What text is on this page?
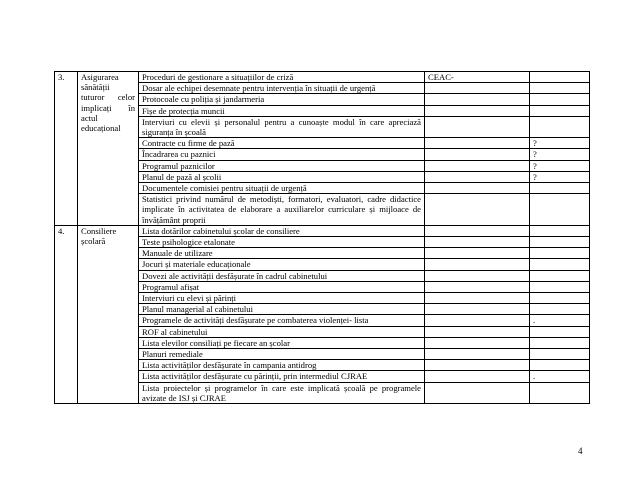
3.	Asigurarea sănătății tuturor celor implicați în actul educațional	Proceduri de gestionare a situațiilor de criză	CEAC-	
		Dosar ale echipei desemnate pentru intervenția în situații de urgență		
		Protocoale cu poliția și jandarmeria		
		Fișe de protecția muncii		
		Interviuri cu elevii și personalul pentru a cunoaște modul în care apreciază siguranța în școală		
		Contracte cu firme de pază		?
		Încadrarea cu paznici		?
		Programul paznicilor		?
		Planul de pază al școlii		?
		Documentele comisiei pentru situații de urgență		
		Statistici privind numărul de metodiști, formatori, evaluatori, cadre didactice implicate în activitatea de elaborare a auxiliarelor curriculare și mijloace de învățământ proprii		
4.	Consiliere școlară	Lista dotărilor cabinetului școlar de consiliere		
		Teste psihologice etalonate		
		Manuale de utilizare		
		Jocuri și materiale educaționale		
		Dovezi ale activității desfășurate în cadrul cabinetului		
		Programul afișat		
		Interviuri cu elevi și părinți		
		Planul managerial al cabinetului		
		Programele de activități desfășurate pe combaterea violenței- lista		.
		ROF al cabinetului		
		Lista elevilor consiliați pe fiecare an școlar		
		Planuri remediale		
		Lista activităților desfășurate în campania antidrog		
		Lista activităților desfășurate cu părinții, prin intermediul CJRAE		.
		Lista proiectelor și programelor în care este implicată școală pe programele avizate de ISJ și CJRAE		
4
